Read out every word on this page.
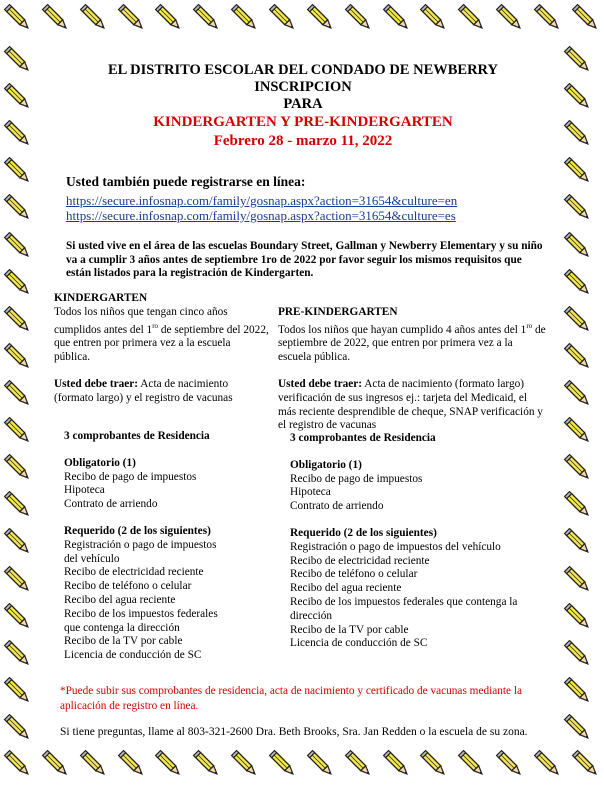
EL DISTRITO ESCOLAR DEL CONDADO DE NEWBERRY
INSCRIPCION
PARA
KINDERGARTEN Y PRE-KINDERGARTEN
Febrero 28 - marzo 11, 2022
Usted también puede registrarse en línea:
https://secure.infosnap.com/family/gosnap.aspx?action=31654&culture=en
https://secure.infosnap.com/family/gosnap.aspx?action=31654&culture=es
Si usted vive en el área de las escuelas Boundary Street, Gallman y Newberry Elementary y su niño va a cumplir 3 años antes de septiembre 1ro de 2022 por favor seguir los mismos requisitos que están listados para la registración de Kindergarten.
KINDERGARTEN
Todos los niños que tengan cinco años cumplidos antes del $1^{ro}$ de septiembre del 2022, que entren por primera vez a la escuela pública.
Usted debe traer: Acta de nacimiento (formato largo) y el registro de vacunas
3 comprobantes de Residencia
Obligatorio (1)
Recibo de pago de impuestos
Hipoteca
Contrato de arriendo
Requerido (2 de los siguientes)
Registración o pago de impuestos
del vehículo
Recibo de electricidad reciente
Recibo de teléfono o celular
Recibo del agua reciente
Recibo de los impuestos federales
que contenga la dirección
Recibo de la TV por cable
Licencia de conducción de SC
PRE-KINDERGARTEN
Todos los niños que hayan cumplido 4 años antes del $1^{ro}$ de septiembre de 2022, que entren por primera vez a la escuela pública.
Usted debe traer: Acta de nacimiento (formato largo) verificación de sus ingresos ej.: tarjeta del Medicaid, el más reciente desprendible de cheque, SNAP verificación y el registro de vacunas
3 comprobantes de Residencia
Obligatorio (1)
Recibo de pago de impuestos
Hipoteca
Contrato de arriendo
Requerido (2 de los siguientes)
Registración o pago de impuestos del vehículo
Recibo de electricidad reciente
Recibo de teléfono o celular
Recibo del agua reciente
Recibo de los impuestos federales que contenga la
dirección
Recibo de la TV por cable
Licencia de conducción de SC
*Puede subir sus comprobantes de residencia, acta de nacimiento y certificado de vacunas mediante la aplicación de registro en línea.
Si tiene preguntas, llame al 803-321-2600 Dra. Beth Brooks, Sra. Jan Redden o la escuela de su zona.
